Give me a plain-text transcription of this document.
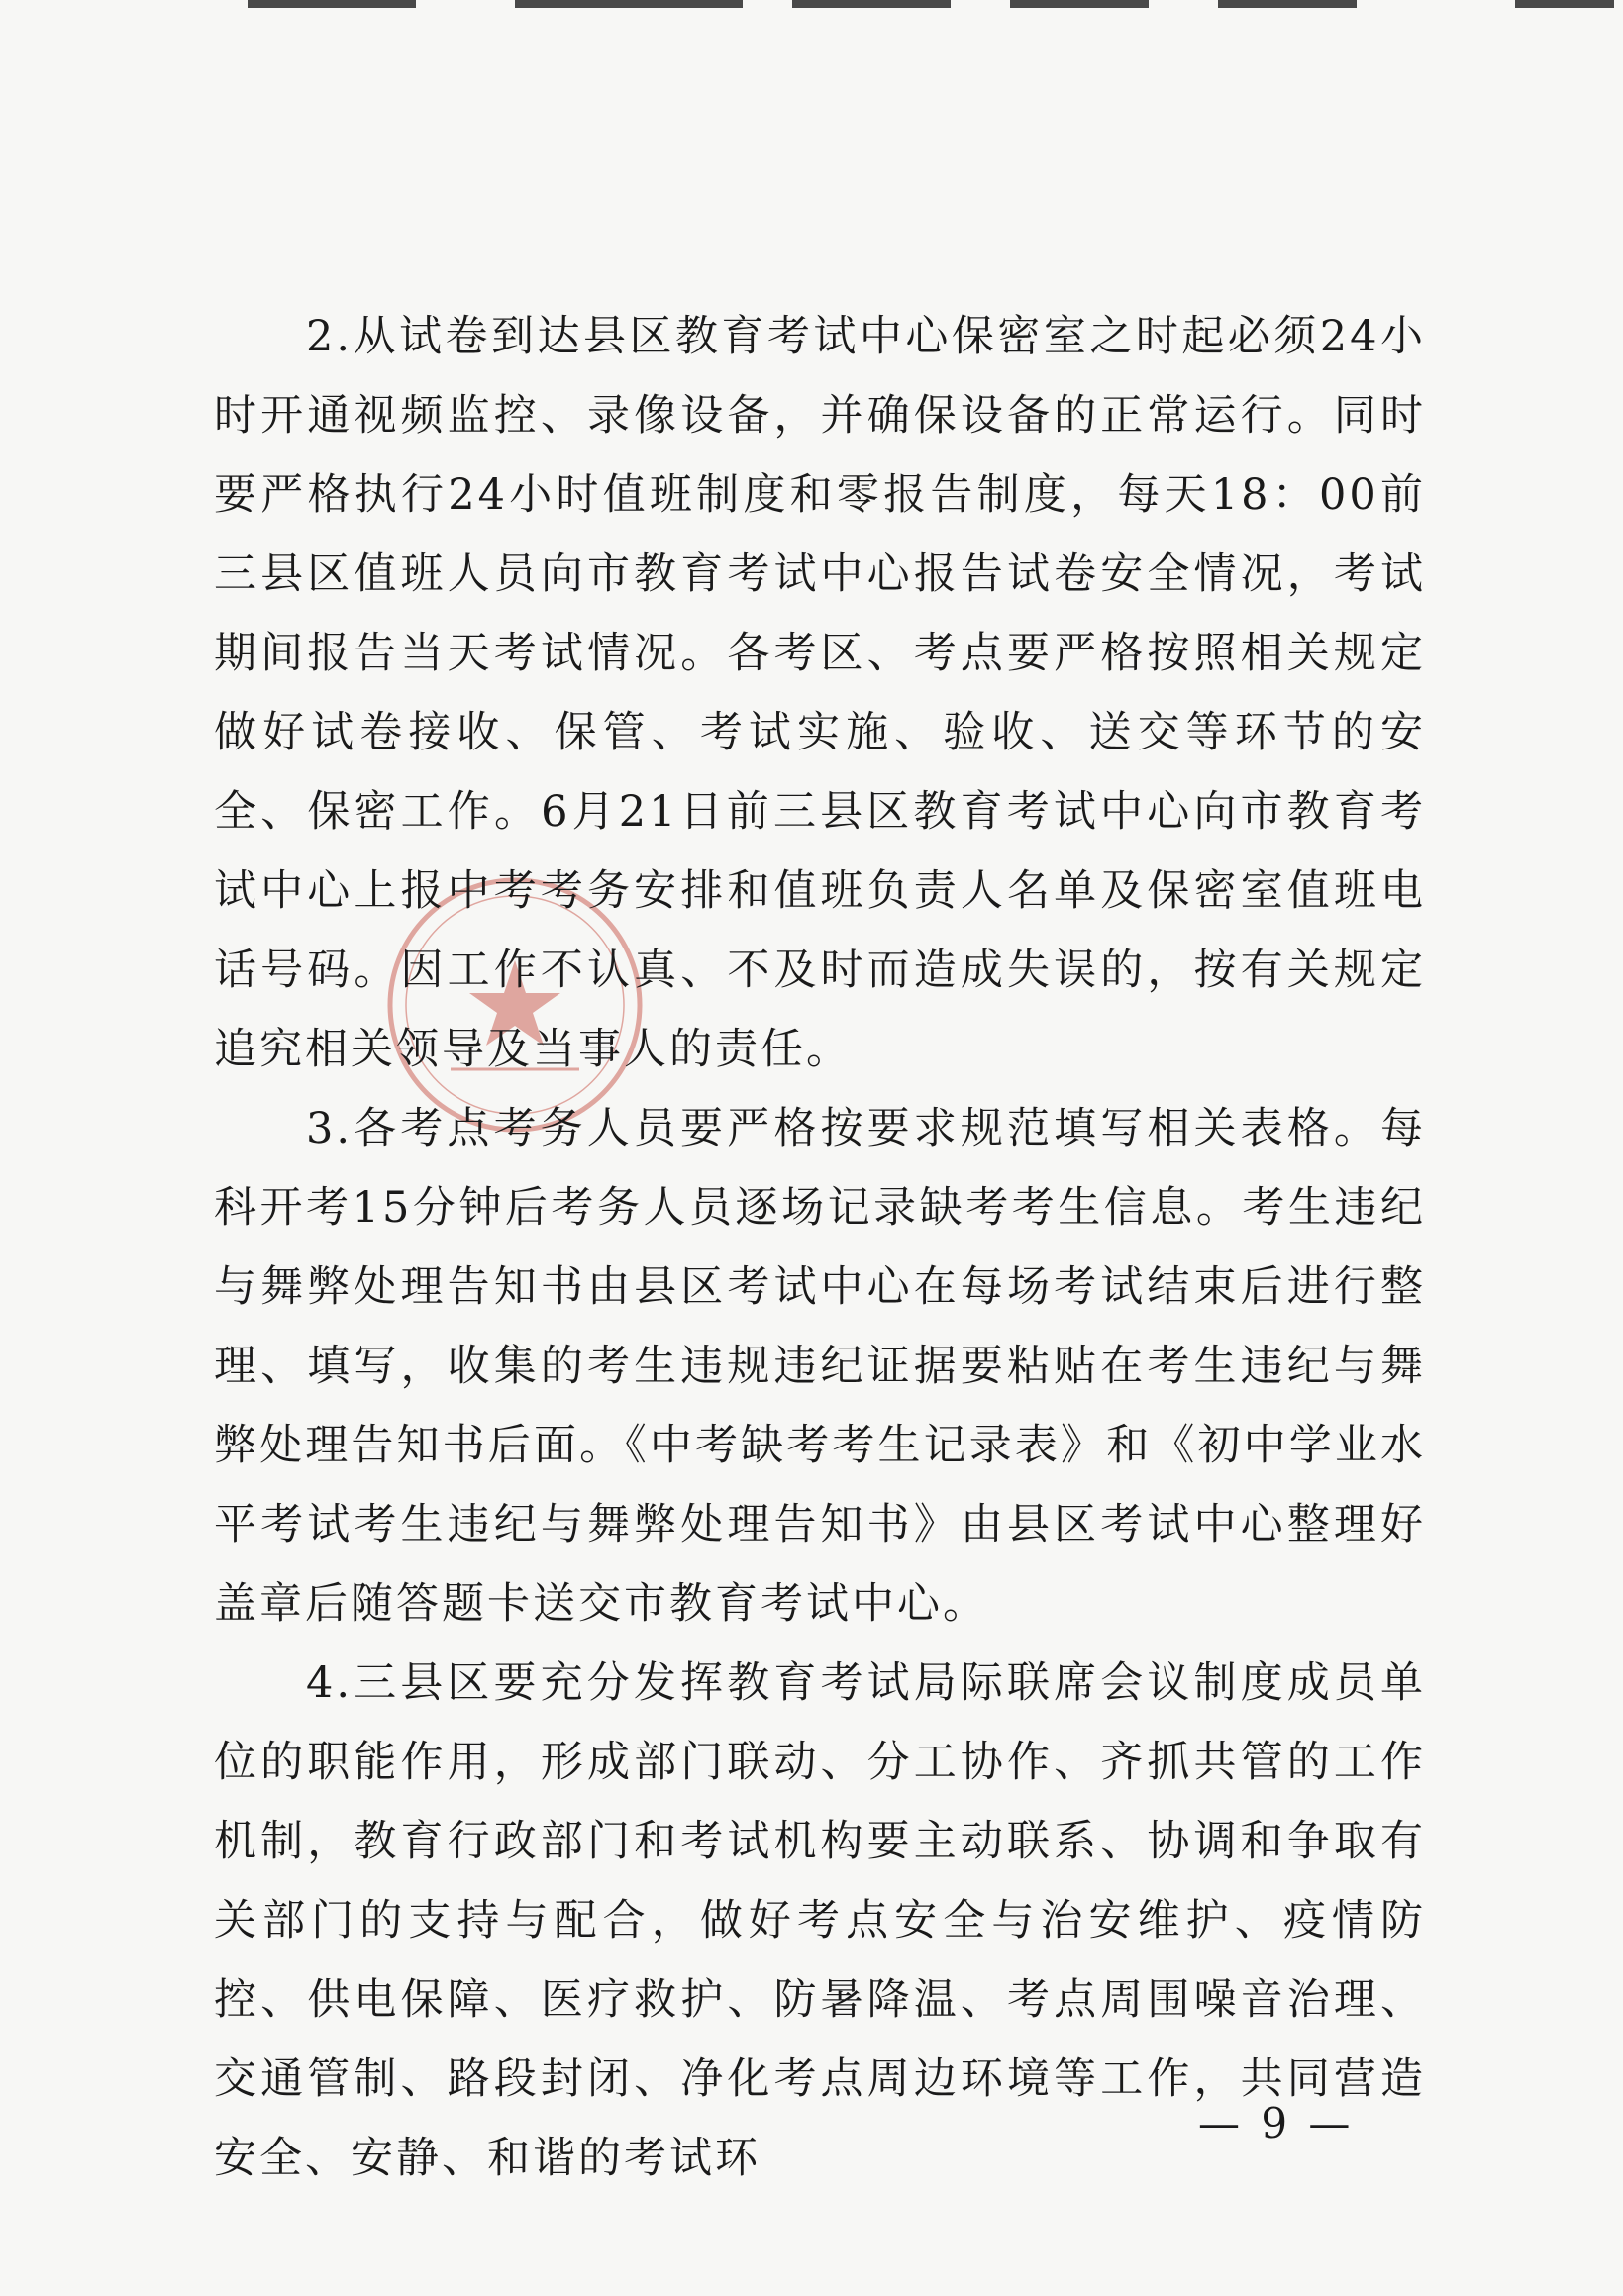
2.从试卷到达县区教育考试中心保密室之时起必须24小时开通视频监控、录像设备，并确保设备的正常运行。同时要严格执行24小时值班制度和零报告制度，每天18：00前三县区值班人员向市教育考试中心报告试卷安全情况，考试期间报告当天考试情况。各考区、考点要严格按照相关规定做好试卷接收、保管、考试实施、验收、送交等环节的安全、保密工作。6月21日前三县区教育考试中心向市教育考试中心上报中考考务安排和值班负责人名单及保密室值班电话号码。因工作不认真、不及时而造成失误的，按有关规定追究相关领导及当事人的责任。

3.各考点考务人员要严格按要求规范填写相关表格。每科开考15分钟后考务人员逐场记录缺考考生信息。考生违纪与舞弊处理告知书由县区考试中心在每场考试结束后进行整理、填写，收集的考生违规违纪证据要粘贴在考生违纪与舞弊处理告知书后面。《中考缺考考生记录表》和《初中学业水平考试考生违纪与舞弊处理告知书》由县区考试中心整理好盖章后随答题卡送交市教育考试中心。

4.三县区要充分发挥教育考试局际联席会议制度成员单位的职能作用，形成部门联动、分工协作、齐抓共管的工作机制，教育行政部门和考试机构要主动联系、协调和争取有关部门的支持与配合，做好考点安全与治安维护、疫情防控、供电保障、医疗救护、防暑降温、考点周围噪音治理、交通管制、路段封闭、净化考点周边环境等工作，共同营造安全、安静、和谐的考试环

— 9 —
